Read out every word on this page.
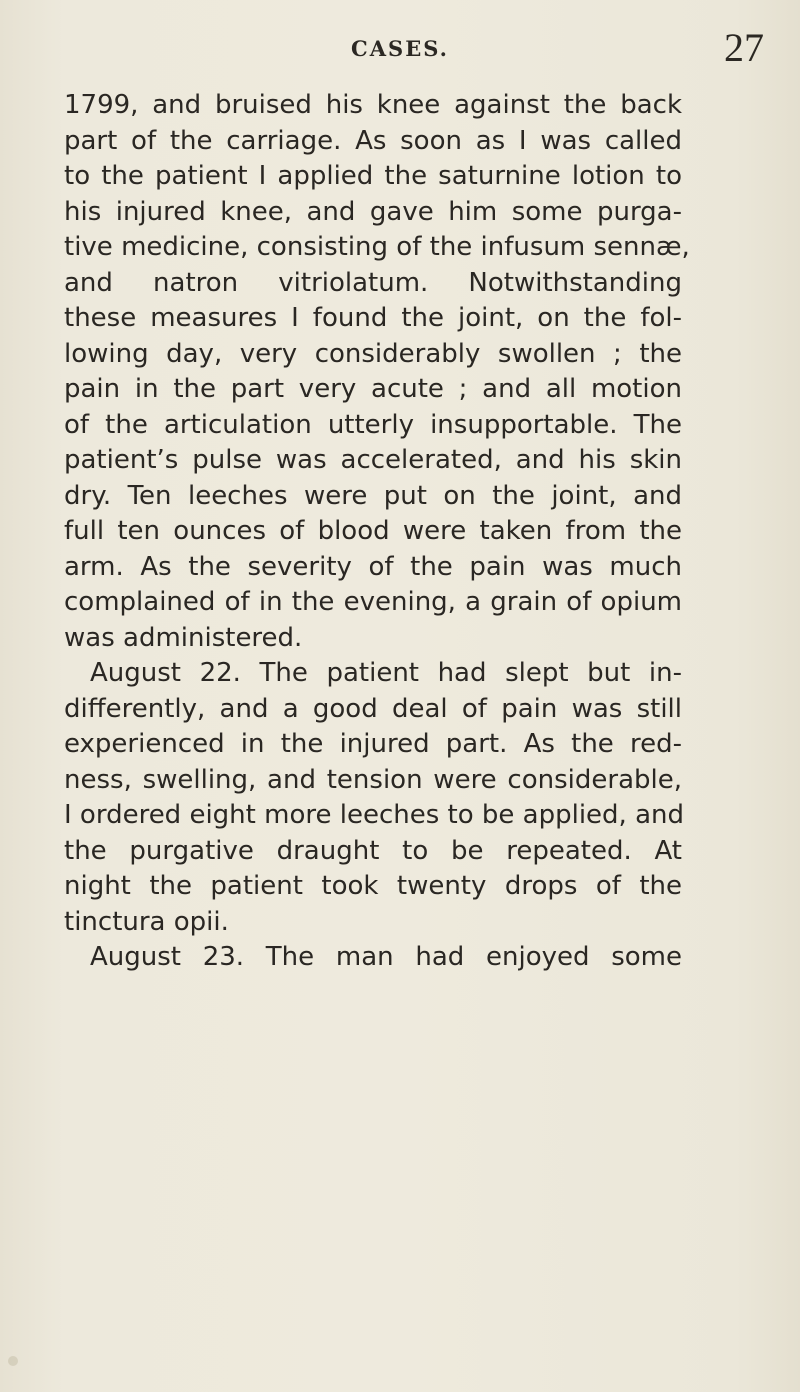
CASES.	27
1799, and bruised his knee against the back
part of the carriage. As soon as I was called
to the patient I applied the saturnine lotion to
his injured knee, and gave him some purga-
tive medicine, consisting of the infusum sennæ,
and natron vitriolatum. Notwithstanding
these measures I found the joint, on the fol-
lowing day, very considerably swollen ; the
pain in the part very acute ; and all motion
of the articulation utterly insupportable. The
patient’s pulse was accelerated, and his skin
dry. Ten leeches were put on the joint, and
full ten ounces of blood were taken from the
arm. As the severity of the pain was much
complained of in the evening, a grain of opium
was administered.
August 22. The patient had slept but in-
differently, and a good deal of pain was still
experienced in the injured part. As the red-
ness, swelling, and tension were considerable,
I ordered eight more leeches to be applied, and
the purgative draught to be repeated. At
night the patient took twenty drops of the
tinctura opii.
August 23. The man had enjoyed some
